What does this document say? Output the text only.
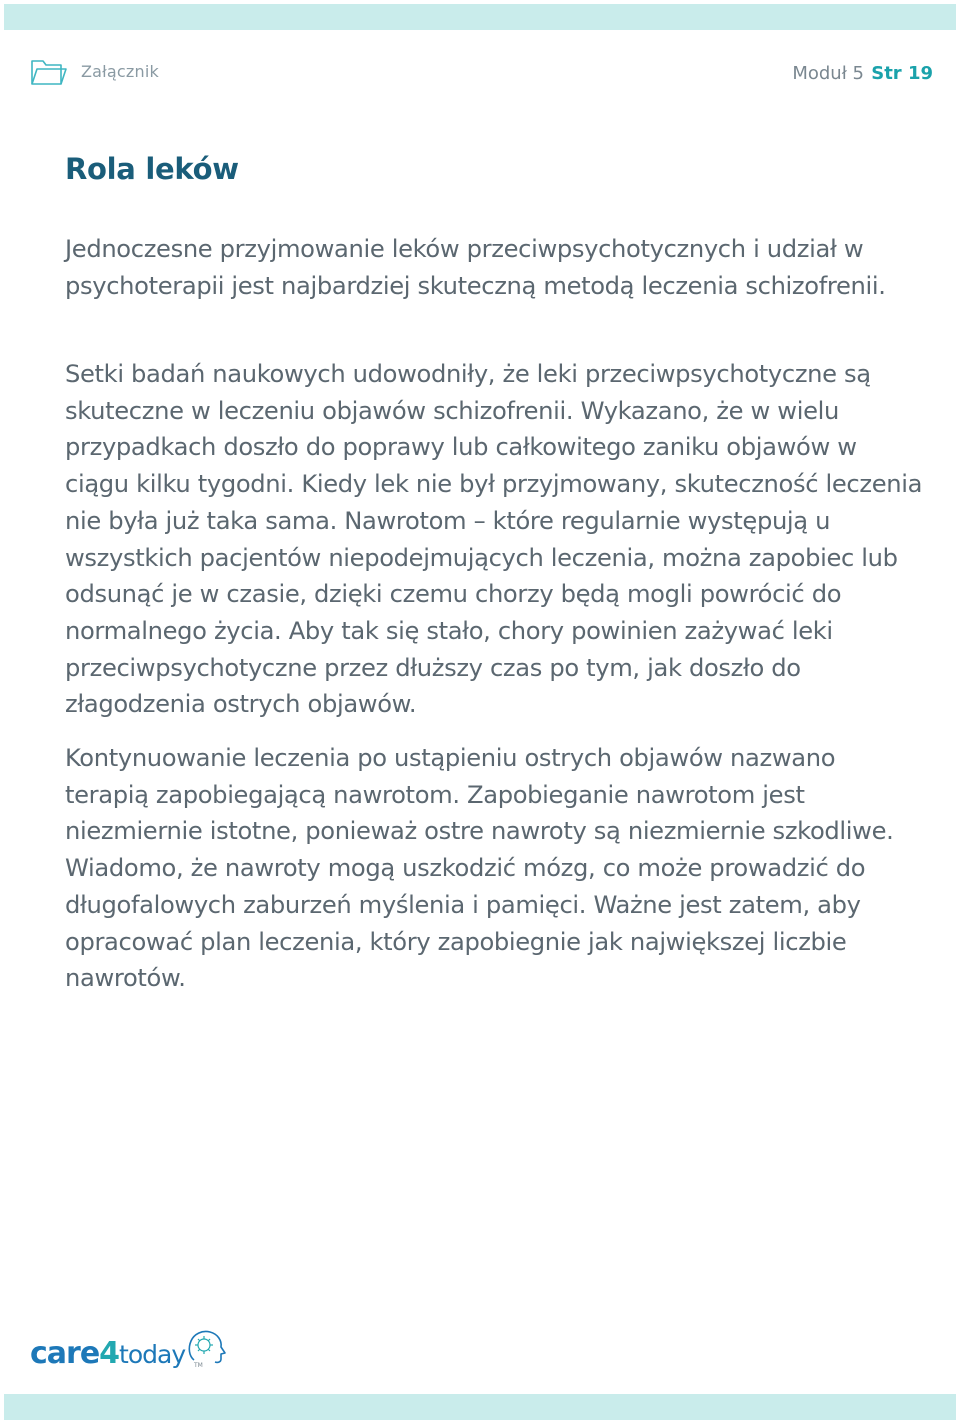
Załącznik	Moduł 5 Str 19
Rola leków

Jednoczesne przyjmowanie leków przeciwpsychotycznych i udział w psychoterapii jest najbardziej skuteczną metodą leczenia schizofrenii.

Setki badań naukowych udowodniły, że leki przeciwpsychotyczne są skuteczne w leczeniu objawów schizofrenii. Wykazano, że w wielu przypadkach doszło do poprawy lub całkowitego zaniku objawów w ciągu kilku tygodni. Kiedy lek nie był przyjmowany, skuteczność leczenia nie była już taka sama. Nawrotom – które regularnie występują u wszystkich pacjentów niepodejmujących leczenia, można zapobiec lub odsunąć je w czasie, dzięki czemu chorzy będą mogli powrócić do normalnego życia. Aby tak się stało, chory powinien zażywać leki przeciwpsychotyczne przez dłuższy czas po tym, jak doszło do złagodzenia ostrych objawów.

Kontynuowanie leczenia po ustąpieniu ostrych objawów nazwano terapią zapobiegającą nawrotom. Zapobieganie nawrotom jest niezmiernie istotne, ponieważ ostre nawroty są niezmiernie szkodliwe. Wiadomo, że nawroty mogą uszkodzić mózg, co może prowadzić do długofalowych zaburzeń myślenia i pamięci. Ważne jest zatem, aby opracować plan leczenia, który zapobiegnie jak największej liczbie nawrotów.

care4today TM
